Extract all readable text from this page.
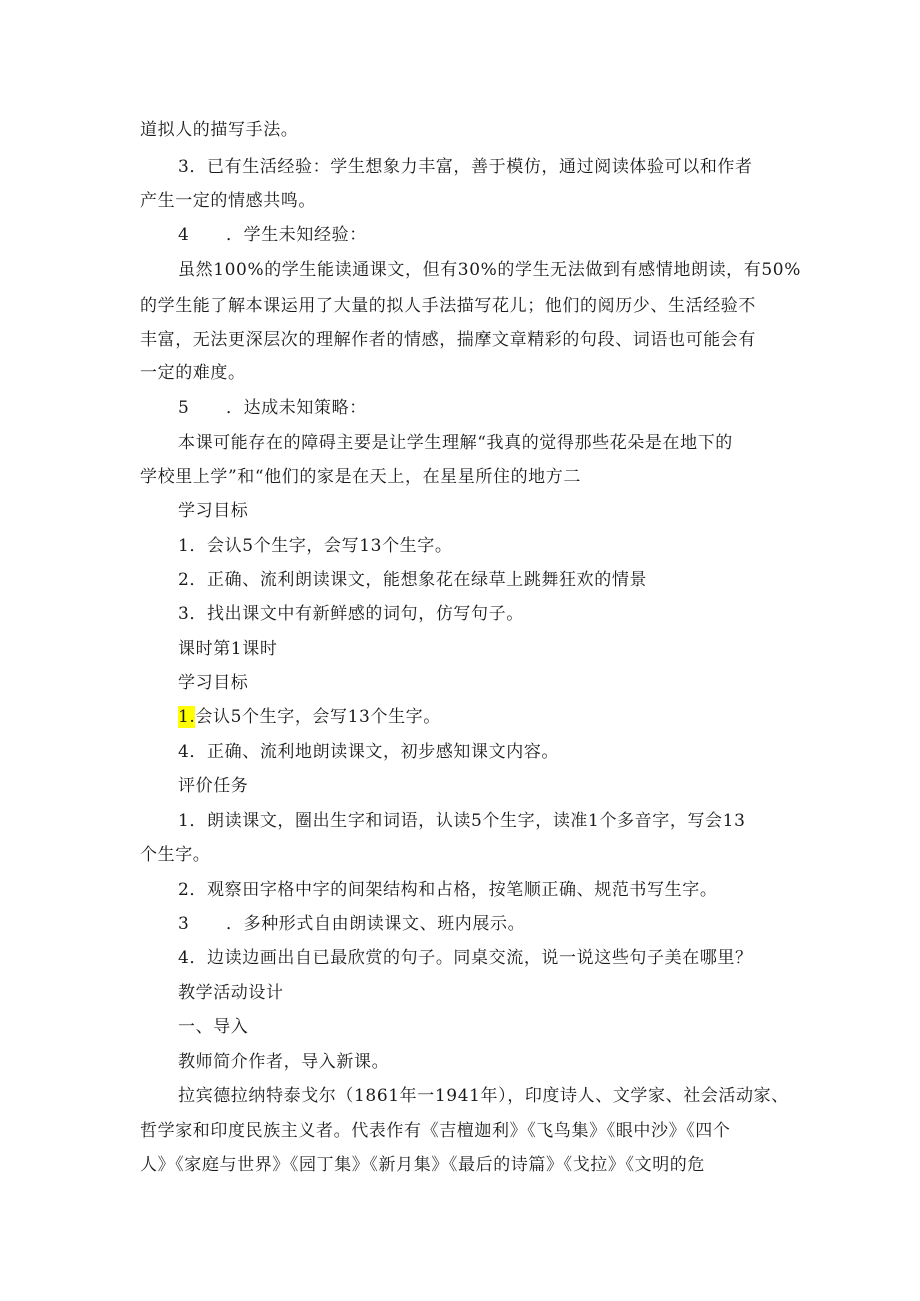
道拟人的描写手法。
3．已有生活经验：学生想象力丰富，善于模仿，通过阅读体验可以和作者
产生一定的情感共鸣。
4 ．学生未知经验：
虽然100%的学生能读通课文，但有30%的学生无法做到有感情地朗读，有50%
的学生能了解本课运用了大量的拟人手法描写花儿；他们的阅历少、生活经验不
丰富，无法更深层次的理解作者的情感，揣摩文章精彩的句段、词语也可能会有
一定的难度。
5 ．达成未知策略：
本课可能存在的障碍主要是让学生理解“我真的觉得那些花朵是在地下的
学校里上学”和“他们的家是在天上，在星星所住的地方二
学习目标
1．会认5个生字，会写13个生字。
2．正确、流利朗读课文，能想象花在绿草上跳舞狂欢的情景
3．找出课文中有新鲜感的词句，仿写句子。
课时第1课时
学习目标
1.会认5个生字，会写13个生字。
4．正确、流利地朗读课文，初步感知课文内容。
评价任务
1．朗读课文，圈出生字和词语，认读5个生字，读准1个多音字，写会13
个生字。
2．观察田字格中字的间架结构和占格，按笔顺正确、规范书写生字。
3 ．多种形式自由朗读课文、班内展示。
4．边读边画出自已最欣赏的句子。同桌交流，说一说这些句子美在哪里？
教学活动设计
一、导入
教师简介作者，导入新课。
拉宾德拉纳特泰戈尔（1861年一1941年），印度诗人、文学家、社会活动家、
哲学家和印度民族主义者。代表作有《吉檀迦利》《飞鸟集》《眼中沙》《四个
人》《家庭与世界》《园丁集》《新月集》《最后的诗篇》《戈拉》《文明的危
